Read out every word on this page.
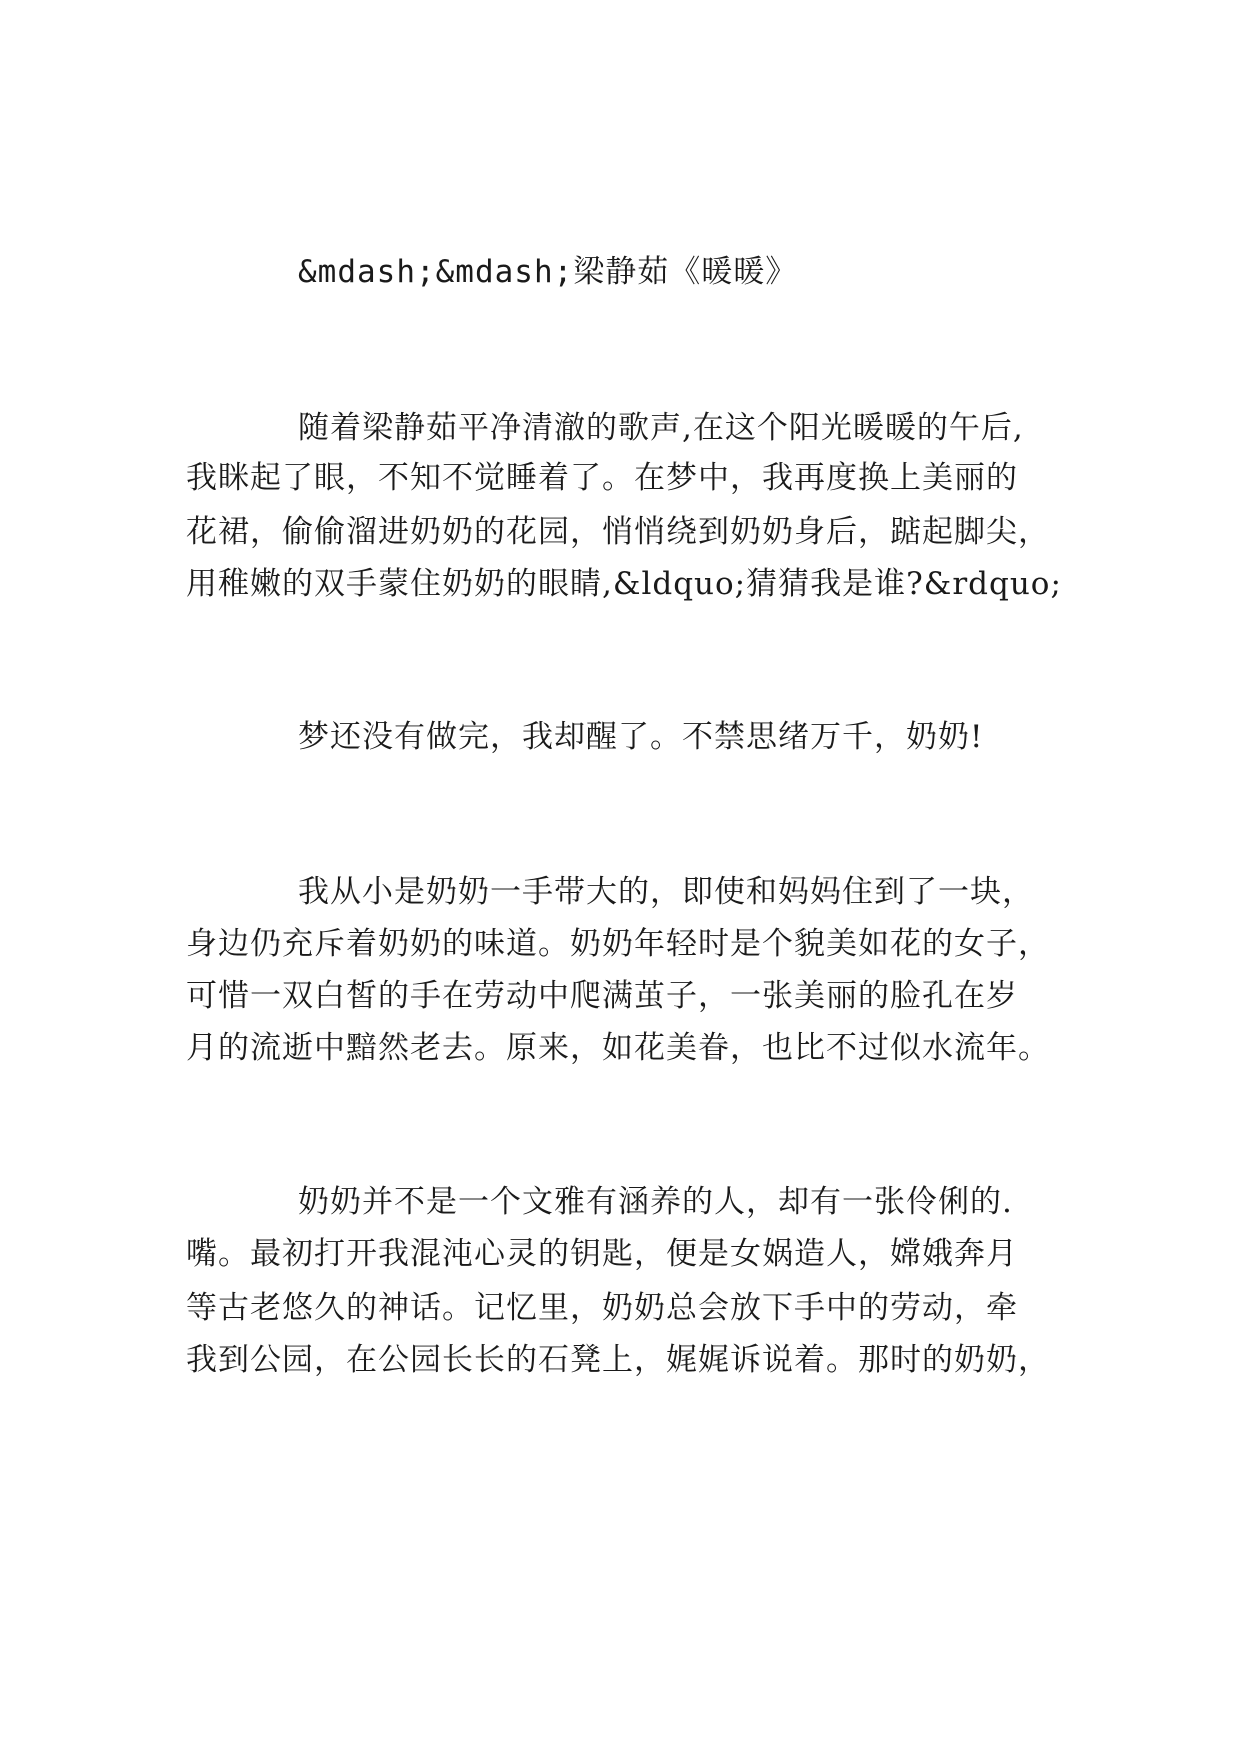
&mdash;&mdash;梁静茹《暖暖》
随着梁静茹平净清澈的歌声,在这个阳光暖暖的午后,
我眯起了眼，不知不觉睡着了。在梦中，我再度换上美丽的
花裙，偷偷溜进奶奶的花园，悄悄绕到奶奶身后，踮起脚尖，
用稚嫩的双手蒙住奶奶的眼睛,&ldquo;猜猜我是谁?&rdquo;
梦还没有做完，我却醒了。不禁思绪万千，奶奶!
我从小是奶奶一手带大的，即使和妈妈住到了一块，
身边仍充斥着奶奶的味道。奶奶年轻时是个貌美如花的女子，
可惜一双白皙的手在劳动中爬满茧子，一张美丽的脸孔在岁
月的流逝中黯然老去。原来，如花美眷，也比不过似水流年。
奶奶并不是一个文雅有涵养的人，却有一张伶俐的.
嘴。最初打开我混沌心灵的钥匙，便是女娲造人，嫦娥奔月
等古老悠久的神话。记忆里，奶奶总会放下手中的劳动，牵
我到公园，在公园长长的石凳上，娓娓诉说着。那时的奶奶，
